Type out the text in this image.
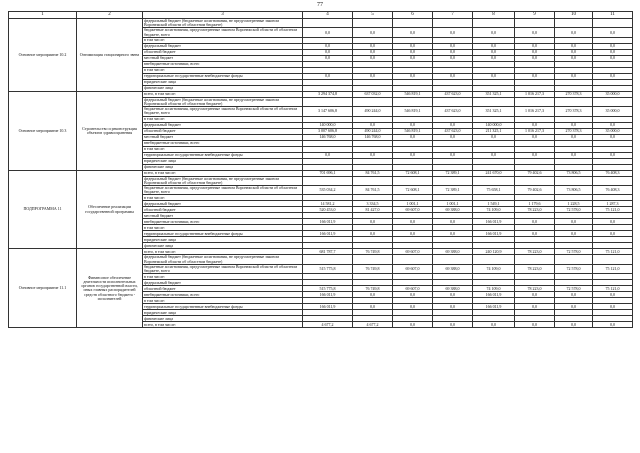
77
1	2	3	4	5	6	7	8	9	10	11
Основное мероприятие 10.2	Оптимизация стационарного звена	федеральный бюджет (бюджетные ассигнования, не предусмотренные законом Воронежской области об областном бюджете)								
		бюджетные ассигнования, предусмотренные законом Воронежской области об областном бюджете, всего	0,0	0,0	0,0	0,0	0,0	0,0	0,0	0,0
		в том числе:								
		федеральный бюджет	0,0	0,0	0,0	0,0	0,0	0,0	0,0	0,0
		областной бюджет	0,0	0,0	0,0	0,0	0,0	0,0	0,0	0,0
		местный бюджет	0,0	0,0	0,0	0,0	0,0	0,0	0,0	0,0
		внебюджетные источники, всего								
		в том числе:								
		территориальные государственные внебюджетные фонды	0,0	0,0	0,0	0,0	0,0	0,0	0,0	0,0
		юридические лица								
		физические лица								
Основное мероприятие 10.3	Строительство и реконструкция объектов здравоохранения	всего, в том числе:	3 294 374,8	637 032,0	546 819,1	437 623,0	351 325,1	1 016 217,3	270 378,3	35 000,0
		федеральный бюджет (бюджетные ассигнования, не предусмотренные законом Воронежской области об областном бюджете)								
		бюджетные ассигнования, предусмотренные законом Воронежской области об областном бюджете, всего	3 147 606,8	490 244,0	546 819,1	437 623,0	351 325,1	1 016 217,3	270 378,3	35 000,0
		в том числе:								
		федеральный бюджет	140 000,0	0,0	0,0	0,0	140 000,0	0,0	0,0	0,0
		областной бюджет	3 007 606,8	490 244,0	546 819,1	437 623,0	211 325,1	1 016 217,3	270 378,3	35 000,0
		местный бюджет	146 768,0	146 768,0	0,0	0,0	0,0	0,0	0,0	0,0
		внебюджетные источники, всего								
		в том числе:								
		территориальные государственные внебюджетные фонды	0,0	0,0	0,0	0,0	0,0	0,0	0,0	0,0
		юридические лица								
		физические лица								
ПОДПРОГРАММА 11	Обеспечение реализации государственной программы	всего, в том числе:	701 696,1	84 761,5	72 608,1	72 389,1	241 670,0	79 402,6	73 806,5	76 408,3
		федеральный бюджет (бюджетные ассигнования, не предусмотренные законом Воронежской области об областном бюджете)								
		бюджетные ассигнования, предусмотренные законом Воронежской области об областном бюджете, всего	535 034,2	84 761,5	72 608,1	72 389,1	75 658,1	79 402,6	73 806,5	76 408,3
		в том числе:								
		федеральный бюджет	14 581,2	3 334,5	1 001,1	1 001,1	1 549,1	1 179,6	1 228,5	1 287,3
		областной бюджет	520 453,0	81 427,0	69 607,0	69 388,0	74 109,0	78 223,0	72 578,0	75 121,0
		местный бюджет								
		внебюджетные источники, всего	166 011,9	0,0	0,0	0,0	166 011,9	0,0	0,0	0,0
		в том числе:								
		территориальные государственные внебюджетные фонды	166 011,9	0,0	0,0	0,0	166 011,9	0,0	0,0	0,0
		юридические лица								
		физические лица								
Основное мероприятие 11.1	Финансовое обеспечение деятельности исполнительных органов государственной власти, иных главных распорядителей средств областного бюджета - исполнителей	всего, в том числе:	681 787,7	76 749,8	69 607,0	69 388,0	240 120,9	78 223,0	72 578,0	75 121,0
		федеральный бюджет (бюджетные ассигнования, не предусмотренные законом Воронежской области об областном бюджете)								
		бюджетные ассигнования, предусмотренные законом Воронежской области об областном бюджете, всего	515 775,8	76 749,8	69 607,0	69 388,0	74 109,0	78 223,0	72 578,0	75 121,0
		в том числе:								
		федеральный бюджет								
		областной бюджет	515 775,8	76 749,8	69 607,0	69 388,0	74 109,0	78 223,0	72 578,0	75 121,0
		внебюджетные источники, всего	166 011,9	0,0	0,0	0,0	166 011,9	0,0	0,0	0,0
		в том числе:								
		территориальные государственные внебюджетные фонды	166 011,9	0,0	0,0	0,0	166 011,9	0,0	0,0	0,0
		юридические лица								
		физические лица								
		всего, в том числе:	4 677,2	4 677,2	0,0	0,0	0,0	0,0	0,0	0,0
